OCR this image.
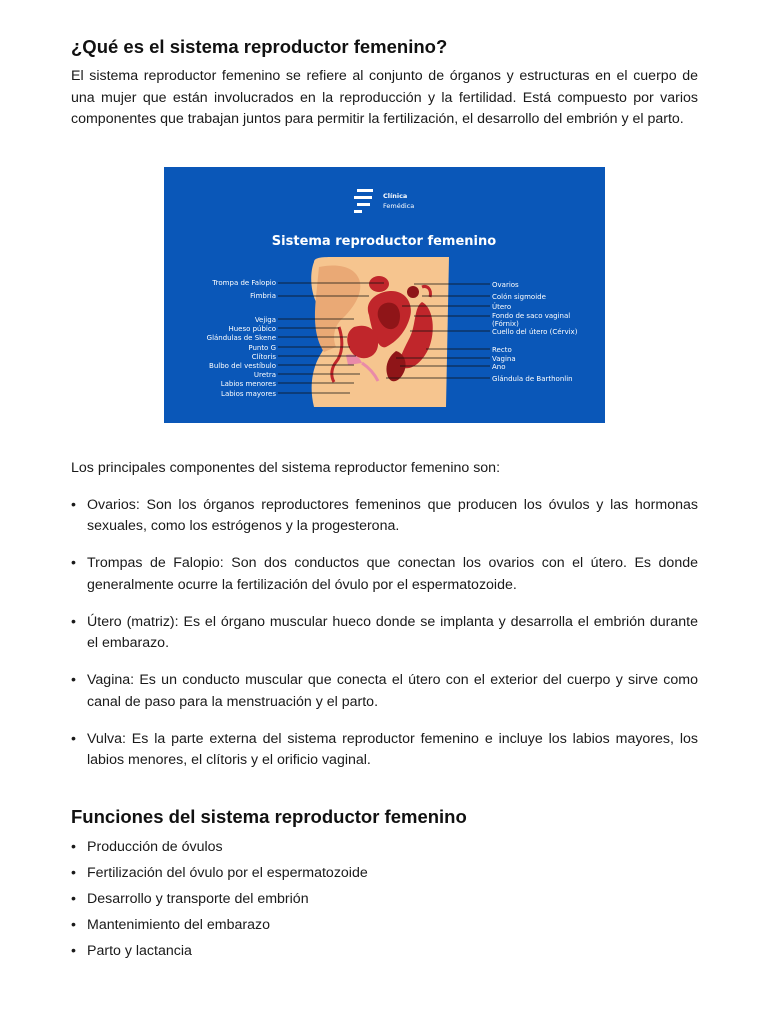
¿Qué es el sistema reproductor femenino?

El sistema reproductor femenino se refiere al conjunto de órganos y estructuras en el cuerpo de una mujer que están involucrados en la reproducción y la fertilidad. Está compuesto por varios componentes que trabajan juntos para permitir la fertilización, el desarrollo del embrión y el parto.

Clínica
Femédica
Sistema reproductor femenino
Trompa de Falopio
Fimbria
Vejiga
Hueso púbico
Glándulas de Skene
Punto G
Clítoris
Bulbo del vestíbulo
Uretra
Labios menores
Labios mayores
Ovarios
Colón sigmoide
Útero
Fondo de saco vaginal
(Fórnix)
Cuello del útero (Cérvix)
Recto
Vagina
Ano
Glándula de Barthonlin

Los principales componentes del sistema reproductor femenino son:

• Ovarios: Son los órganos reproductores femeninos que producen los óvulos y las hormonas sexuales, como los estrógenos y la progesterona.
• Trompas de Falopio: Son dos conductos que conectan los ovarios con el útero. Es donde generalmente ocurre la fertilización del óvulo por el espermatozoide.
• Útero (matriz): Es el órgano muscular hueco donde se implanta y desarrolla el embrión durante el embarazo.
• Vagina: Es un conducto muscular que conecta el útero con el exterior del cuerpo y sirve como canal de paso para la menstruación y el parto.
• Vulva: Es la parte externa del sistema reproductor femenino e incluye los labios mayores, los labios menores, el clítoris y el orificio vaginal.
Funciones del sistema reproductor femenino
• Producción de óvulos
• Fertilización del óvulo por el espermatozoide
• Desarrollo y transporte del embrión
• Mantenimiento del embarazo
• Parto y lactancia
